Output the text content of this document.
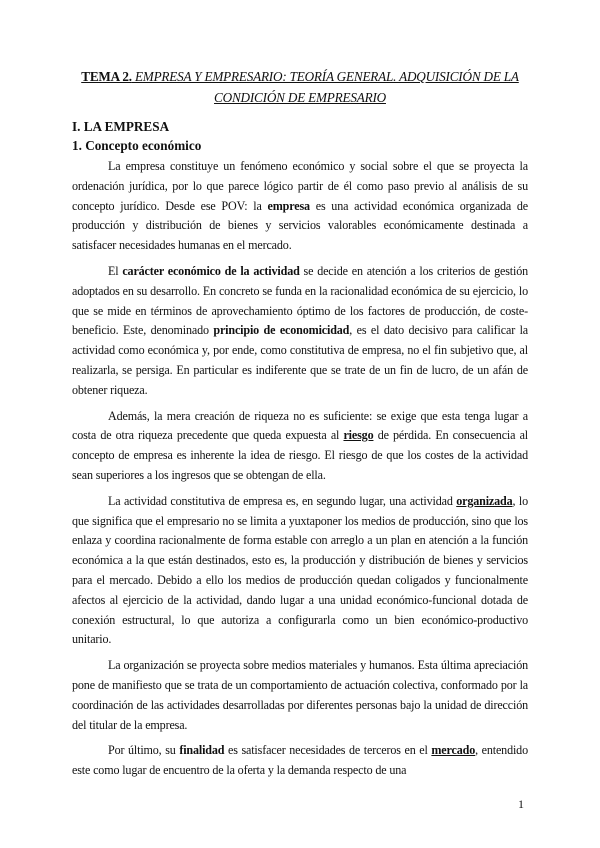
TEMA 2. EMPRESA Y EMPRESARIO: TEORÍA GENERAL. ADQUISICIÓN DE LA
CONDICIÓN DE EMPRESARIO
I. LA EMPRESA
1. Concepto económico

La empresa constituye un fenómeno económico y social sobre el que se proyecta la ordenación jurídica, por lo que parece lógico partir de él como paso previo al análisis de su concepto jurídico. Desde ese POV: la empresa es una actividad económica organizada de producción y distribución de bienes y servicios valorables económicamente destinada a satisfacer necesidades humanas en el mercado.

El carácter económico de la actividad se decide en atención a los criterios de gestión adoptados en su desarrollo. En concreto se funda en la racionalidad económica de su ejercicio, lo que se mide en términos de aprovechamiento óptimo de los factores de producción, de coste-beneficio. Este, denominado principio de economicidad, es el dato decisivo para calificar la actividad como económica y, por ende, como constitutiva de empresa, no el fin subjetivo que, al realizarla, se persiga. En particular es indiferente que se trate de un fin de lucro, de un afán de obtener riqueza.

Además, la mera creación de riqueza no es suficiente: se exige que esta tenga lugar a costa de otra riqueza precedente que queda expuesta al riesgo de pérdida. En consecuencia al concepto de empresa es inherente la idea de riesgo. El riesgo de que los costes de la actividad sean superiores a los ingresos que se obtengan de ella.

La actividad constitutiva de empresa es, en segundo lugar, una actividad organizada, lo que significa que el empresario no se limita a yuxtaponer los medios de producción, sino que los enlaza y coordina racionalmente de forma estable con arreglo a un plan en atención a la función económica a la que están destinados, esto es, la producción y distribución de bienes y servicios para el mercado. Debido a ello los medios de producción quedan coligados y funcionalmente afectos al ejercicio de la actividad, dando lugar a una unidad económico-funcional dotada de conexión estructural, lo que autoriza a configurarla como un bien económico-productivo unitario.

La organización se proyecta sobre medios materiales y humanos. Esta última apreciación pone de manifiesto que se trata de un comportamiento de actuación colectiva, conformado por la coordinación de las actividades desarrolladas por diferentes personas bajo la unidad de dirección del titular de la empresa.

Por último, su finalidad es satisfacer necesidades de terceros en el mercado, entendido este como lugar de encuentro de la oferta y la demanda respecto de una

1
